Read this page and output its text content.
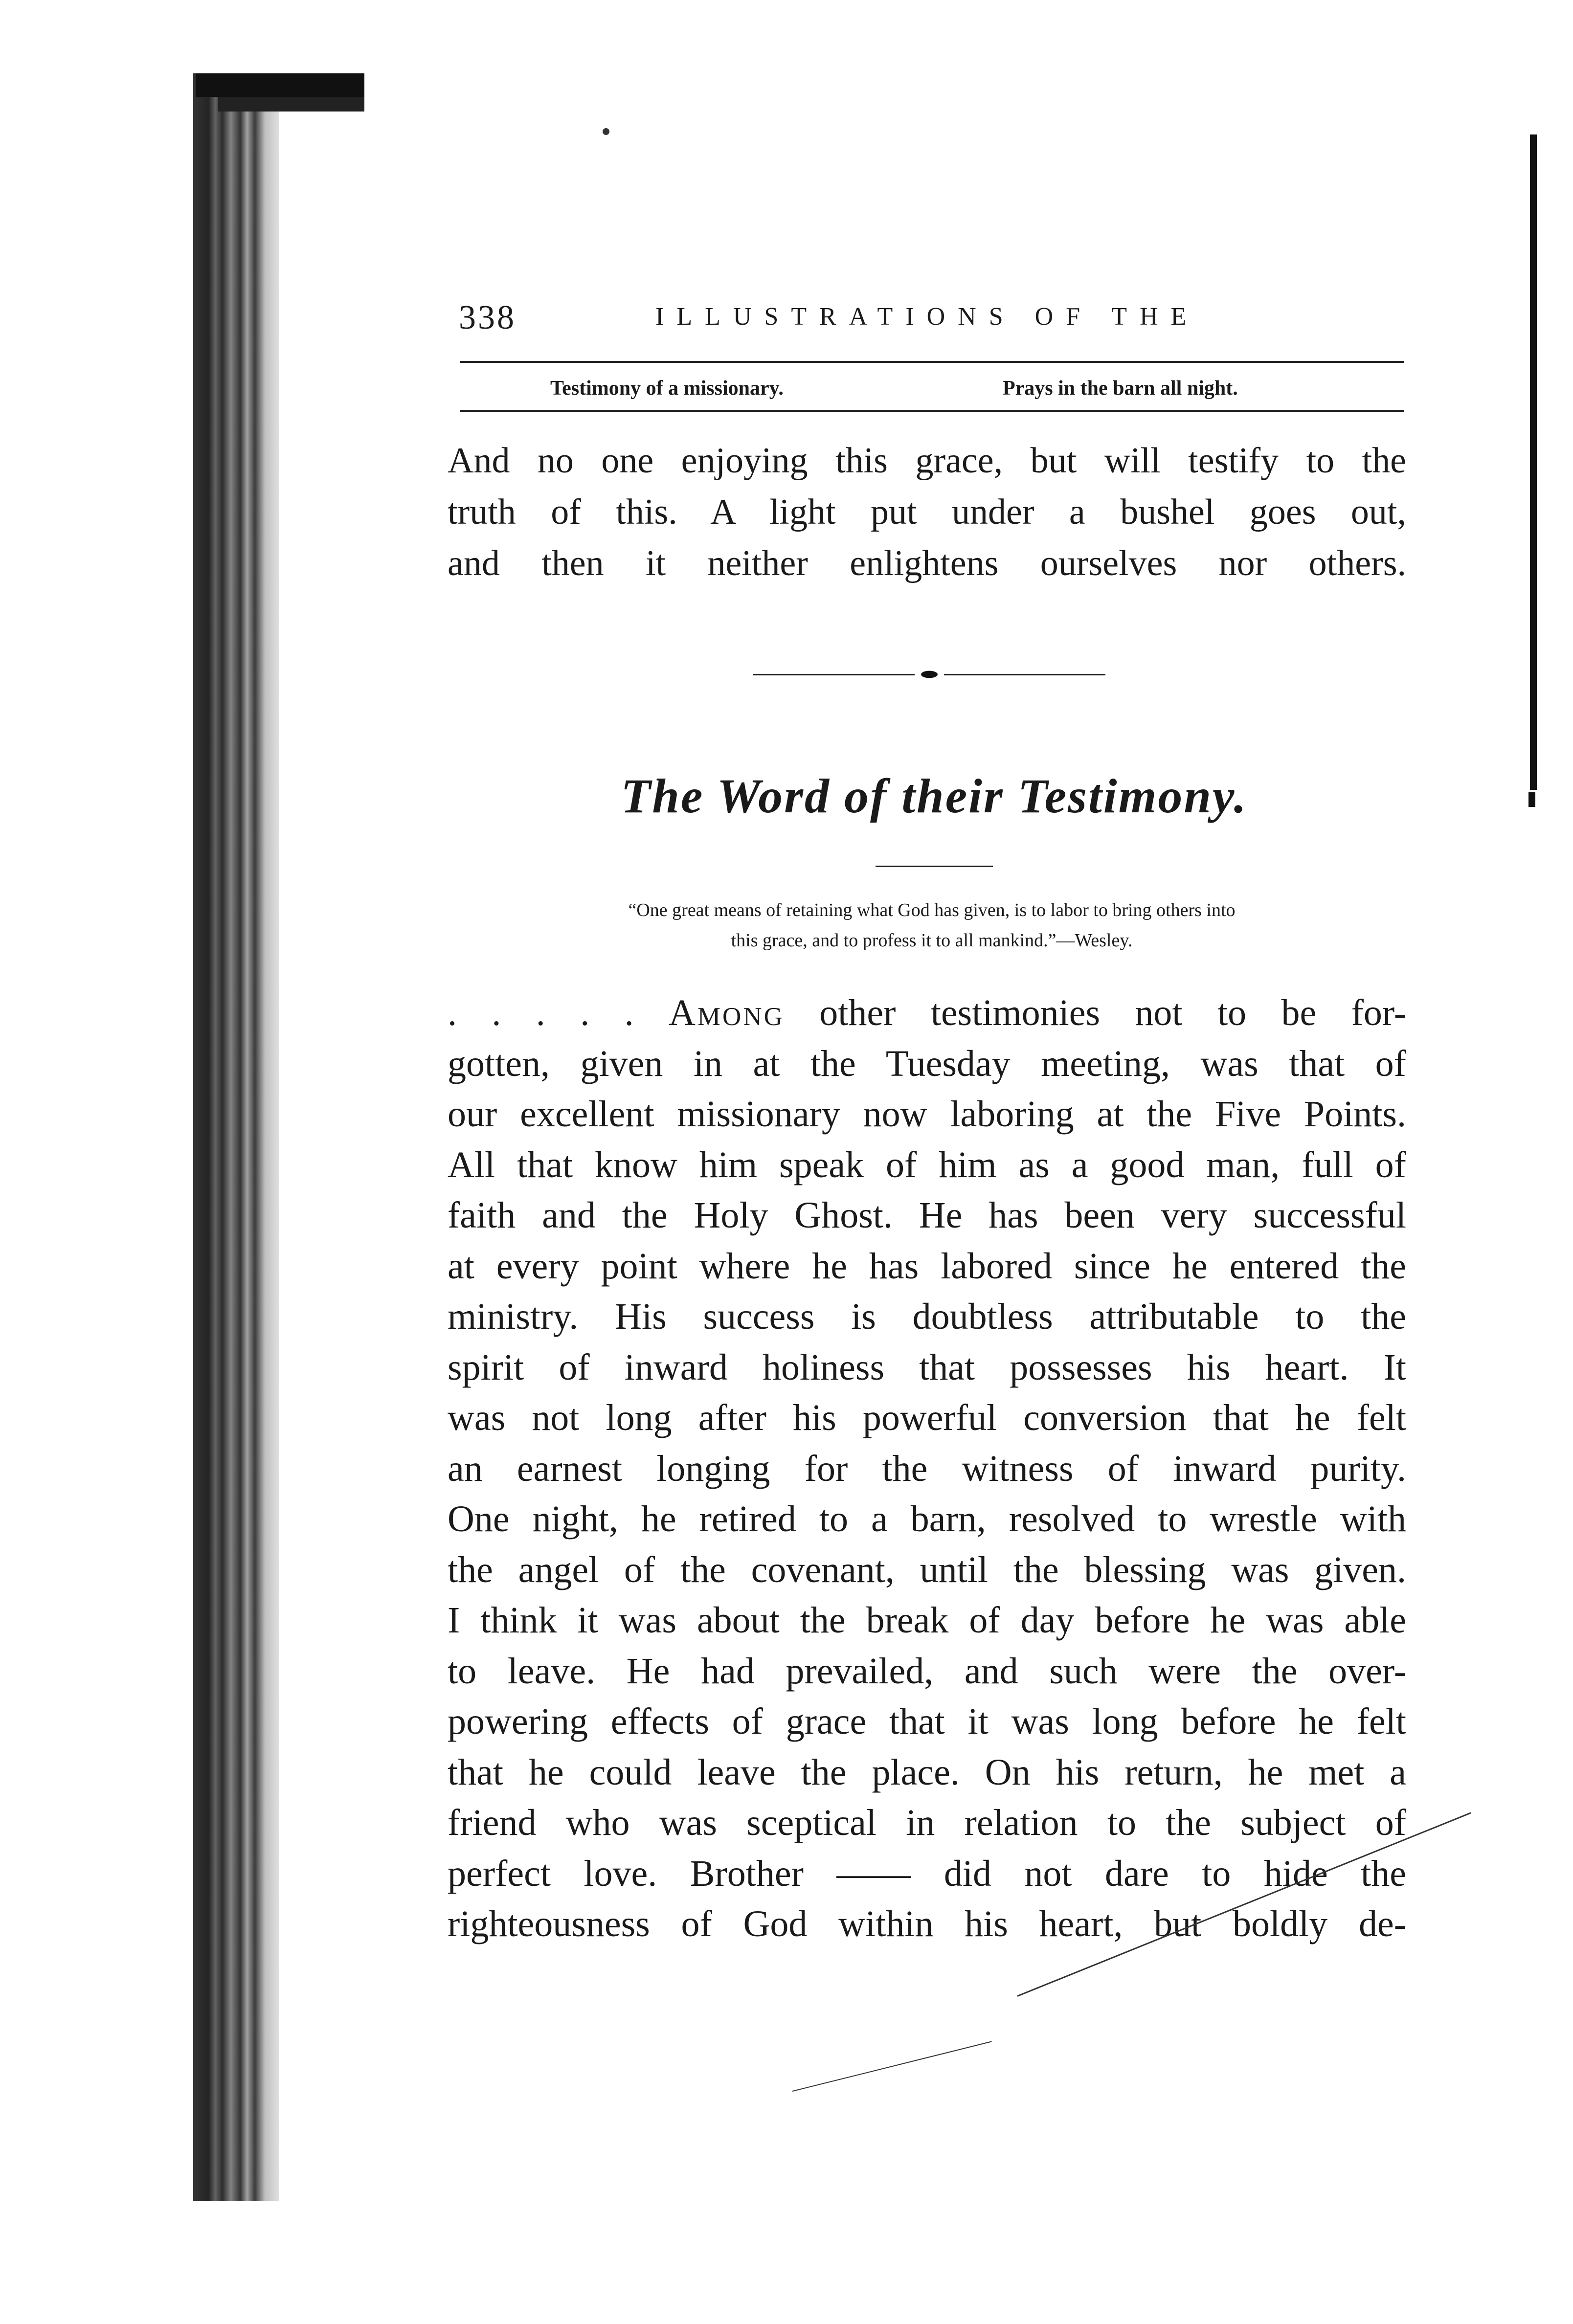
338	ILLUSTRATIONS OF THE
Testimony of a missionary.	Prays in the barn all night.
And no one enjoying this grace, but will testify to the
truth of this. A light put under a bushel goes out,
and then it neither enlightens ourselves nor others.
The Word of their Testimony.
“One great means of retaining what God has given, is to labor to bring others into
this grace, and to profess it to all mankind.”—Wesley.
. . . . . Among other testimonies not to be for-
gotten, given in at the Tuesday meeting, was that of
our excellent missionary now laboring at the Five Points.
All that know him speak of him as a good man, full of
faith and the Holy Ghost. He has been very successful
at every point where he has labored since he entered the
ministry. His success is doubtless attributable to the
spirit of inward holiness that possesses his heart. It
was not long after his powerful conversion that he felt
an earnest longing for the witness of inward purity.
One night, he retired to a barn, resolved to wrestle with
the angel of the covenant, until the blessing was given.
I think it was about the break of day before he was able
to leave. He had prevailed, and such were the over-
powering effects of grace that it was long before he felt
that he could leave the place. On his return, he met a
friend who was sceptical in relation to the subject of
perfect love. Brother —— did not dare to hide the
righteousness of God within his heart, but boldly de-
